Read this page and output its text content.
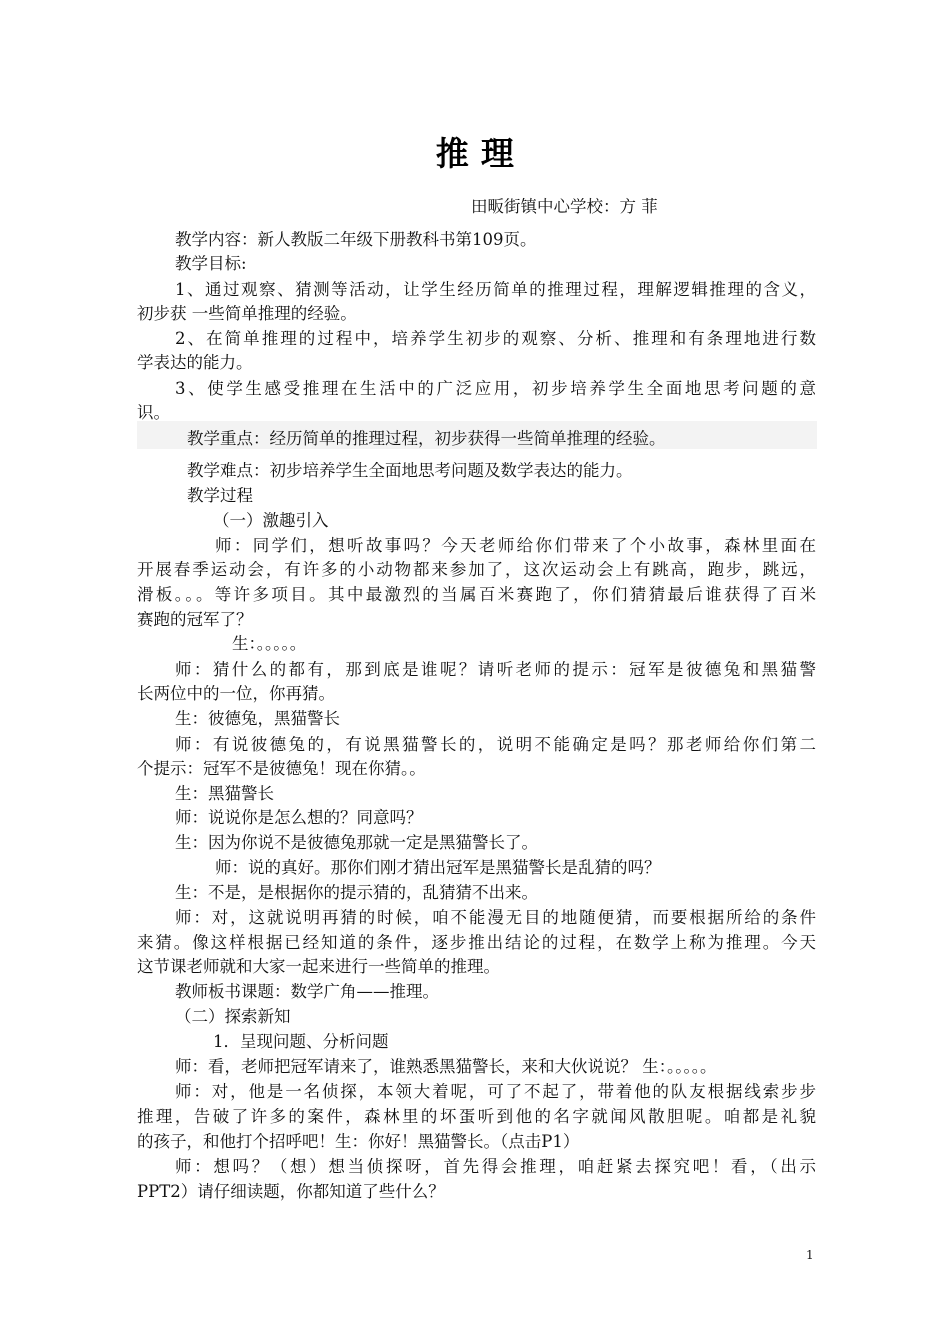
推 理
田畈街镇中心学校：方 菲
教学内容：新人教版二年级下册教科书第109页。
教学目标:
1、通过观察、猜测等活动，让学生经历简单的推理过程，理解逻辑推理的含义，
初步获 一些简单推理的经验。
2、在简单推理的过程中，培养学生初步的观察、分析、推理和有条理地进行数
学表达的能力。
3、使学生感受推理在生活中的广泛应用，初步培养学生全面地思考问题的意
识。
教学重点：经历简单的推理过程，初步获得一些简单推理的经验。
教学难点：初步培养学生全面地思考问题及数学表达的能力。
教学过程
（一）激趣引入
师：同学们，想听故事吗？今天老师给你们带来了个小故事，森林里面在
开展春季运动会，有许多的小动物都来参加了，这次运动会上有跳高，跑步，跳远，
滑板。。。等许多项目。其中最激烈的当属百米赛跑了，你们猜猜最后谁获得了百米
赛跑的冠军了？
生：。。。。。
师：猜什么的都有，那到底是谁呢？请听老师的提示：冠军是彼德兔和黑猫警
长两位中的一位，你再猜。
生：彼德兔，黑猫警长
师：有说彼德兔的，有说黑猫警长的，说明不能确定是吗？那老师给你们第二
个提示：冠军不是彼德兔！现在你猜。。
生：黑猫警长
师：说说你是怎么想的？同意吗？
生：因为你说不是彼德兔那就一定是黑猫警长了。
师：说的真好。那你们刚才猜出冠军是黑猫警长是乱猜的吗？
生：不是，是根据你的提示猜的，乱猜猜不出来。
师：对，这就说明再猜的时候，咱不能漫无目的地随便猜，而要根据所给的条件
来猜。像这样根据已经知道的条件，逐步推出结论的过程，在数学上称为推理。今天
这节课老师就和大家一起来进行一些简单的推理。
教师板书课题：数学广角——推理。
（二）探索新知
1．呈现问题、分析问题
师：看，老师把冠军请来了，谁熟悉黑猫警长，来和大伙说说？ 生：。。。。。
师：对，他是一名侦探，本领大着呢，可了不起了，带着他的队友根据线索步步
推理，告破了许多的案件，森林里的坏蛋听到他的名字就闻风散胆呢。咱都是礼貌
的孩子，和他打个招呼吧！生：你好！黑猫警长。（点击P1）
师：想吗？（想）想当侦探呀，首先得会推理，咱赶紧去探究吧！看，（出示
PPT2）请仔细读题，你都知道了些什么？
1
